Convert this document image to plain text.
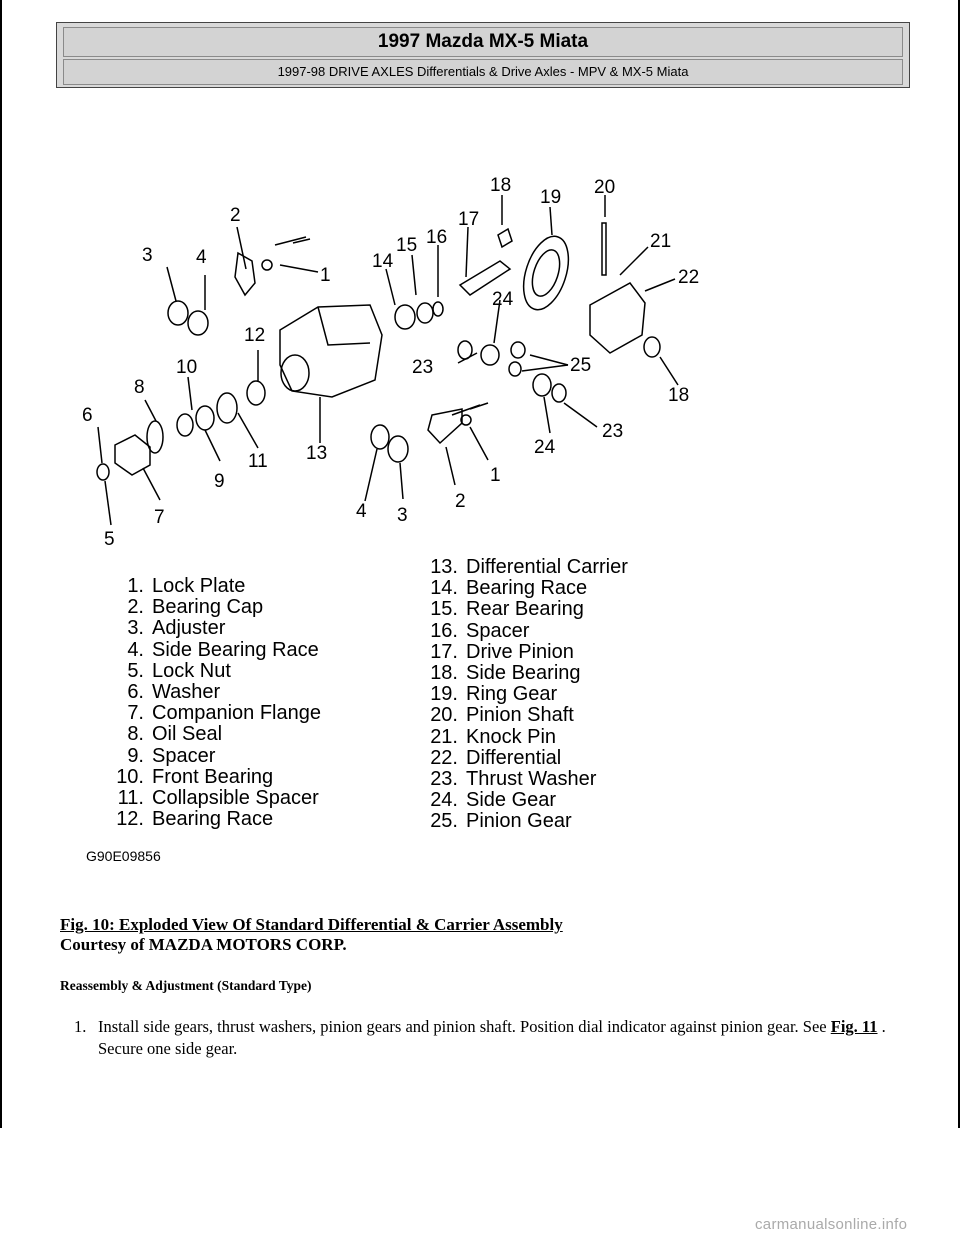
1997 Mazda MX-5 Miata
1997-98 DRIVE AXLES Differentials & Drive Axles - MPV & MX-5 Miata
3 4
2
1
6
5
7
8
9
10
11
12
13
14
15 16
17
18
19 20
21
22
23
24
25
24
23
18
1
2
3
4
1. Lock Plate
2. Bearing Cap
3. Adjuster
4. Side Bearing Race
5. Lock Nut
6. Washer
7. Companion Flange
8. Oil Seal
9. Spacer
10. Front Bearing
11. Collapsible Spacer
12. Bearing Race
13. Differential Carrier
14. Bearing Race
15. Rear Bearing
16. Spacer
17. Drive Pinion
18. Side Bearing
19. Ring Gear
20. Pinion Shaft
21. Knock Pin
22. Differential
23. Thrust Washer
24. Side Gear
25. Pinion Gear
G90E09856
Fig. 10: Exploded View Of Standard Differential & Carrier Assembly
Courtesy of MAZDA MOTORS CORP.
Reassembly & Adjustment (Standard Type)
1. Install side gears, thrust washers, pinion gears and pinion shaft. Position dial indicator against pinion gear. See Fig. 11 . Secure one side gear.
carmanualsonline.info
